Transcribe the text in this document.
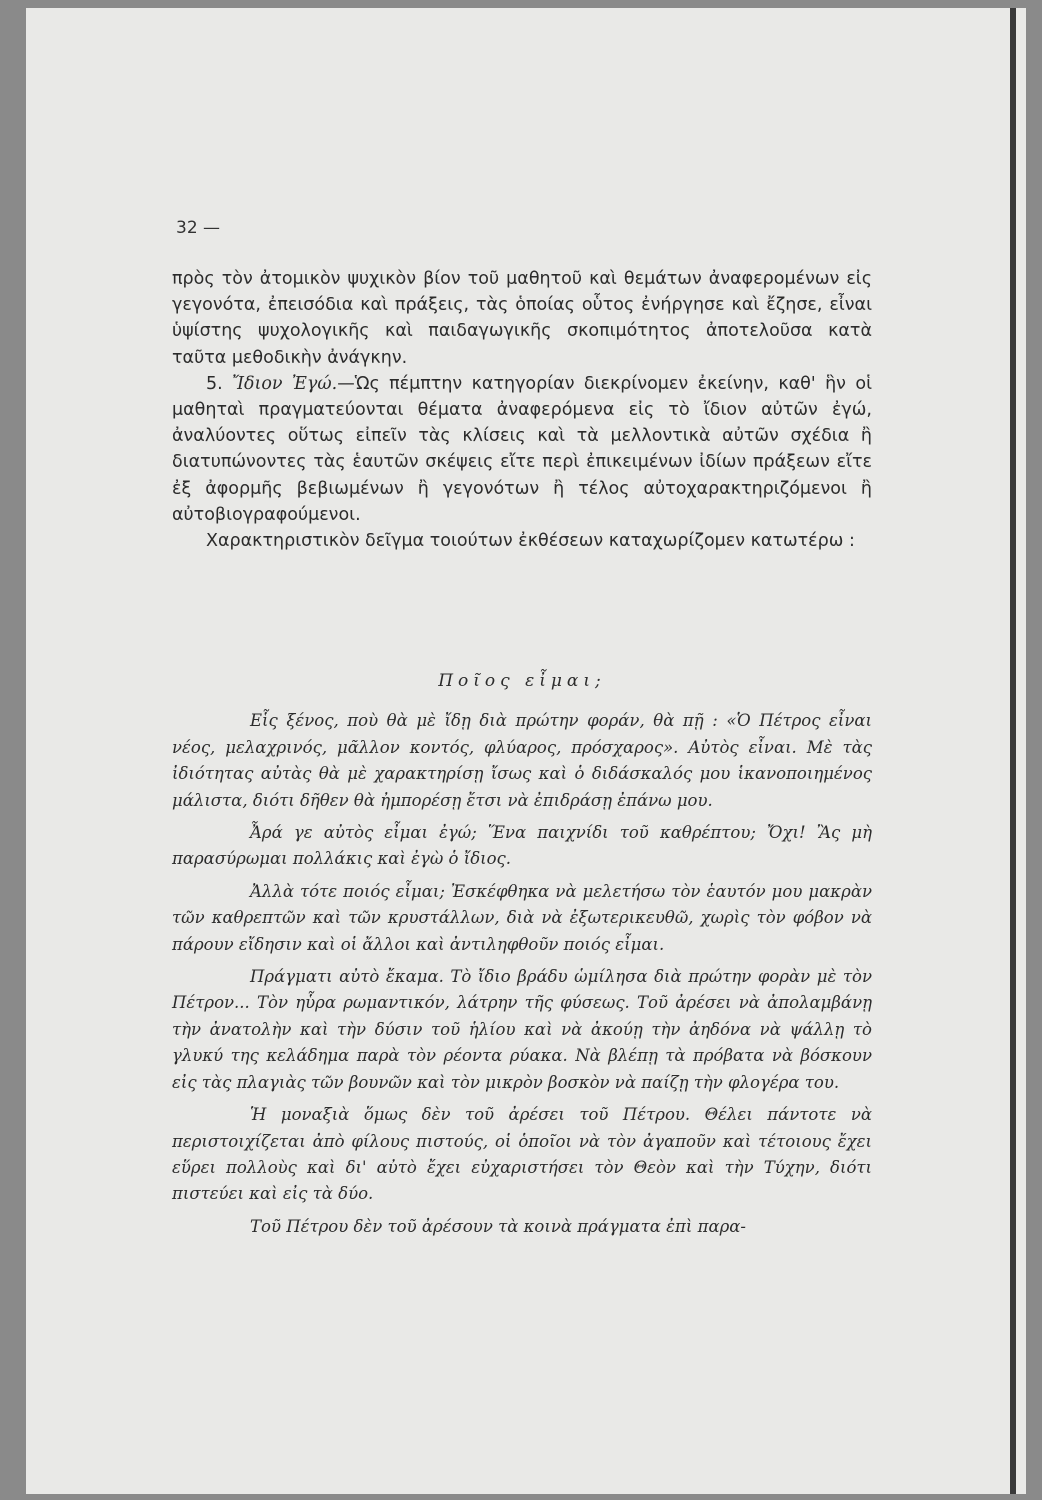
32 —

πρὸς τὸν ἀτομικὸν ψυχικὸν βίον τοῦ μαθητοῦ καὶ θεμάτων ἀναφερομένων εἰς γεγονότα, ἐπεισόδια καὶ πράξεις, τὰς ὁποίας οὗτος ἐνήργησε καὶ ἔζησε, εἶναι ὑψίστης ψυχολογικῆς καὶ παιδαγωγικῆς σκοπιμότητος ἀποτελοῦσα κατὰ ταῦτα μεθοδικὴν ἀνάγκην.

5. Ἴδιον Ἐγώ.—Ὡς πέμπτην κατηγορίαν διεκρίνομεν ἐκείνην, καθ' ἣν οἱ μαθηταὶ πραγματεύονται θέματα ἀναφερόμενα εἰς τὸ ἴδιον αὐτῶν ἐγώ, ἀναλύοντες οὕτως εἰπεῖν τὰς κλίσεις καὶ τὰ μελλοντικὰ αὐτῶν σχέδια ἢ διατυπώνοντες τὰς ἑαυτῶν σκέψεις εἴτε περὶ ἐπικειμένων ἰδίων πράξεων εἴτε ἐξ ἀφορμῆς βεβιωμένων ἢ γεγονότων ἢ τέλος αὐτοχαρακτηριζόμενοι ἢ αὐτοβιογραφούμενοι.

Χαρακτηριστικὸν δεῖγμα τοιούτων ἐκθέσεων καταχωρίζομεν κατωτέρω :

Ποῖος εἶμαι;

Εἷς ξένος, ποὺ θὰ μὲ ἴδῃ διὰ πρώτην φοράν, θὰ πῇ : «Ὁ Πέτρος εἶναι νέος, μελαχρινός, μᾶλλον κοντός, φλύαρος, πρόσχαρος». Αὐτὸς εἶναι. Μὲ τὰς ἰδιότητας αὐτὰς θὰ μὲ χαρακτηρίσῃ ἴσως καὶ ὁ διδάσκαλός μου ἱκανοποιημένος μάλιστα, διότι δῆθεν θὰ ἠμπορέσῃ ἔτσι νὰ ἐπιδράσῃ ἐπάνω μου.

Ἆρά γε αὐτὸς εἶμαι ἐγώ; Ἕνα παιχνίδι τοῦ καθρέπτου; Ὄχι! Ἂς μὴ παρασύρωμαι πολλάκις καὶ ἐγὼ ὁ ἴδιος.

Ἀλλὰ τότε ποιός εἶμαι; Ἐσκέφθηκα νὰ μελετήσω τὸν ἑαυτόν μου μακρὰν τῶν καθρεπτῶν καὶ τῶν κρυστάλλων, διὰ νὰ ἐξωτερικευθῶ, χωρὶς τὸν φόβον νὰ πάρουν εἴδησιν καὶ οἱ ἄλλοι καὶ ἀντιληφθοῦν ποιός εἶμαι.

Πράγματι αὐτὸ ἔκαμα. Τὸ ἴδιο βράδυ ὡμίλησα διὰ πρώτην φορὰν μὲ τὸν Πέτρον... Τὸν ηὗρα ρωμαντικόν, λάτρην τῆς φύσεως. Τοῦ ἀρέσει νὰ ἀπολαμβάνῃ τὴν ἀνατολὴν καὶ τὴν δύσιν τοῦ ἡλίου καὶ νὰ ἀκούῃ τὴν ἀηδόνα νὰ ψάλλῃ τὸ γλυκύ της κελάδημα παρὰ τὸν ρέοντα ρύακα. Νὰ βλέπῃ τὰ πρόβατα νὰ βόσκουν εἰς τὰς πλαγιὰς τῶν βουνῶν καὶ τὸν μικρὸν βοσκὸν νὰ παίζῃ τὴν φλογέρα του.

Ἡ μοναξιὰ ὅμως δὲν τοῦ ἀρέσει τοῦ Πέτρου. Θέλει πάντοτε νὰ περιστοιχίζεται ἀπὸ φίλους πιστούς, οἱ ὁποῖοι νὰ τὸν ἀγαποῦν καὶ τέτοιους ἔχει εὕρει πολλοὺς καὶ δι' αὐτὸ ἔχει εὐχαριστήσει τὸν Θεὸν καὶ τὴν Τύχην, διότι πιστεύει καὶ εἰς τὰ δύο.

Τοῦ Πέτρου δὲν τοῦ ἀρέσουν τὰ κοινὰ πράγματα ἐπὶ παρα-
